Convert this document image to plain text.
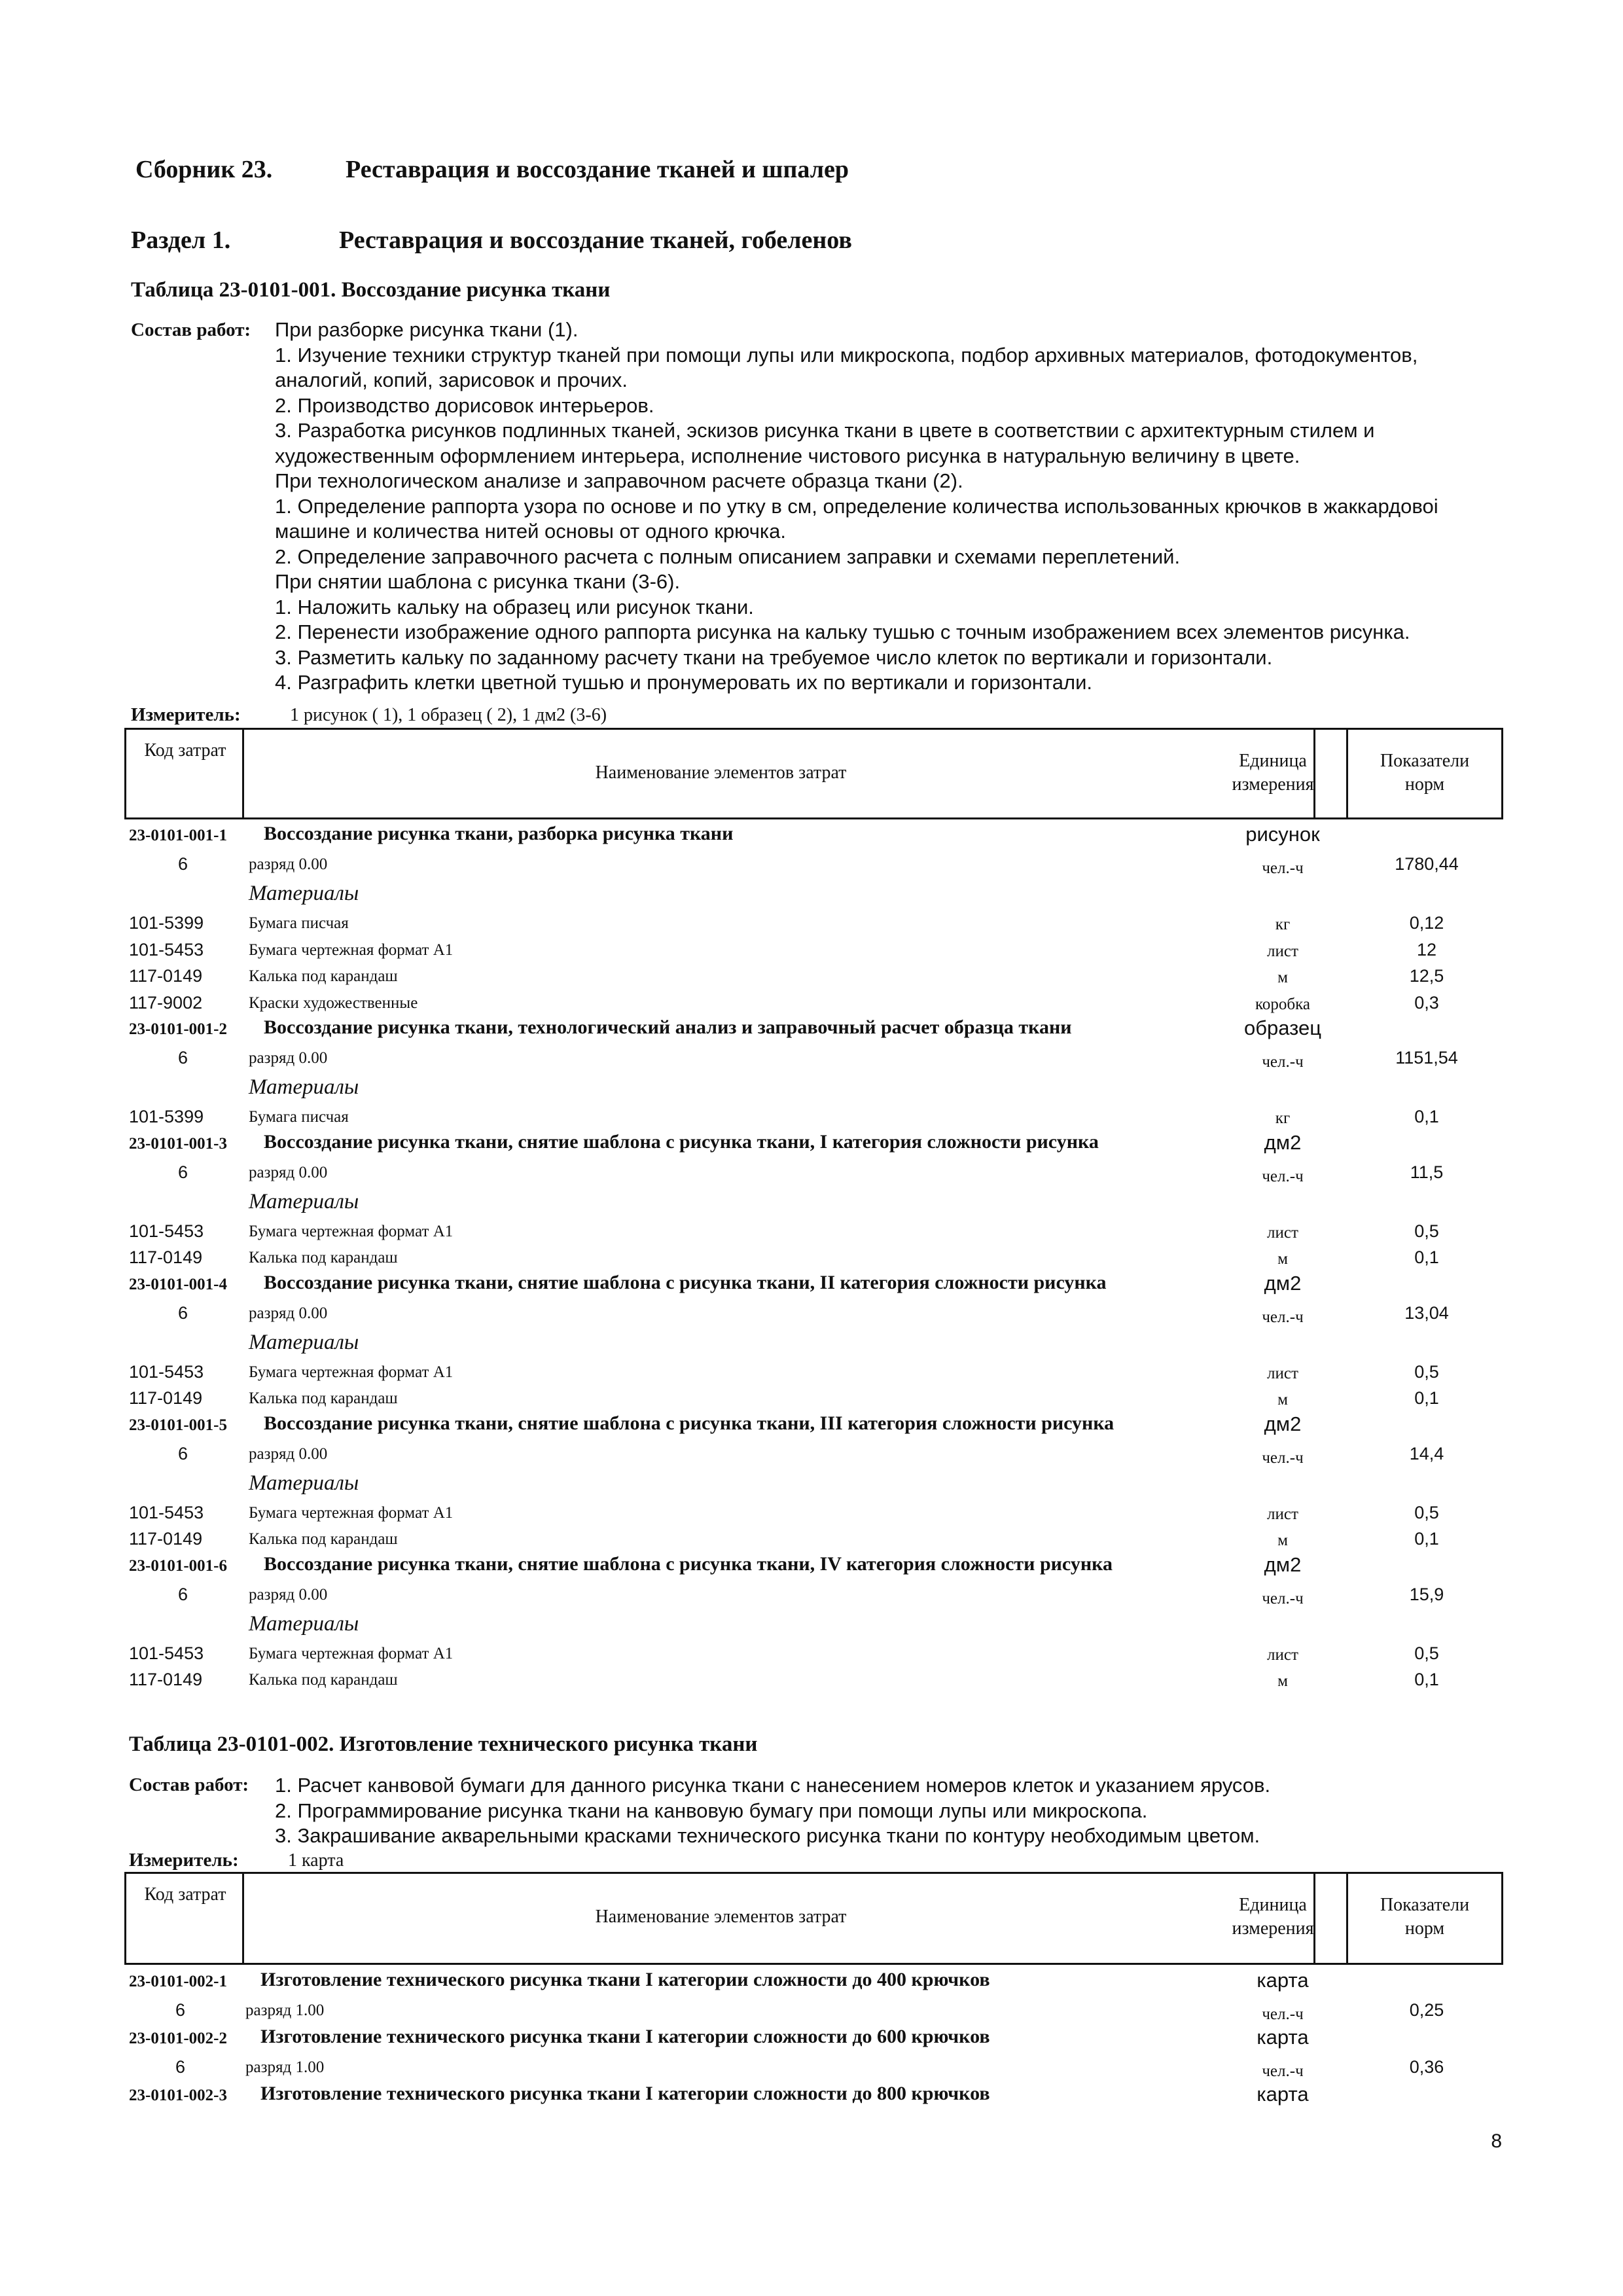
Сборник 23.	Реставрация и воссоздание тканей и шпалер
Раздел 1.	Реставрация и воссоздание тканей, гобеленов
Таблица 23-0101-001. Воссоздание рисунка ткани
Состав работ: При разборке рисунка ткани (1).
1. Изучение техники структур тканей при помощи лупы или микроскопа, подбор архивных материалов, фотодокументов,
аналогий, копий, зарисовок и прочих.
2. Производство дорисовок интерьеров.
3. Разработка рисунков подлинных тканей, эскизов рисунка ткани в цвете в соответствии с архитектурным стилем и
художественным оформлением интерьера, исполнение чистового рисунка в натуральную величину в цвете.
При технологическом анализе и заправочном расчете образца ткани (2).
1. Определение раппорта узора по основе и по утку в см, определение количества использованных крючков в жаккардовоі
машине и количества нитей основы от одного крючка.
2. Определение заправочного расчета с полным описанием заправки и схемами переплетений.
При снятии шаблона с рисунка ткани (3-6).
1. Наложить кальку на образец или рисунок ткани.
2. Перенести изображение одного раппорта рисунка на кальку тушью с точным изображением всех элементов рисунка.
3. Разметить кальку по заданному расчету ткани на требуемое число клеток по вертикали и горизонтали.
4. Разграфить клетки цветной тушью и пронумеровать их по вертикали и горизонтали.
Измеритель:	1 рисунок ( 1), 1 образец ( 2), 1 дм2 (3-6)
Код затрат
Наименование элементов затрат
Единица
измерения
Показатели
норм
23-0101-001-1 Воссоздание рисунка ткани, разборка рисунка ткани	рисунок
6	разряд 0.00	чел.-ч	1780,44
Материалы
101-5399	Бумага писчая	кг	0,12
101-5453	Бумага чертежная формат А1	лист	12
117-0149	Калька под карандаш	м	12,5
117-9002	Краски художественные	коробка	0,3
23-0101-001-2 Воссоздание рисунка ткани, технологический анализ и заправочный расчет образца ткани	образец
6	разряд 0.00	чел.-ч	1151,54
Материалы
101-5399	Бумага писчая	кг	0,1
23-0101-001-3 Воссоздание рисунка ткани, снятие шаблона с рисунка ткани, I категория сложности рисунка	дм2
6	разряд 0.00	чел.-ч	11,5
Материалы
101-5453	Бумага чертежная формат А1	лист	0,5
117-0149	Калька под карандаш	м	0,1
23-0101-001-4 Воссоздание рисунка ткани, снятие шаблона с рисунка ткани, II категория сложности рисунка	дм2
6	разряд 0.00	чел.-ч	13,04
Материалы
101-5453	Бумага чертежная формат А1	лист	0,5
117-0149	Калька под карандаш	м	0,1
23-0101-001-5 Воссоздание рисунка ткани, снятие шаблона с рисунка ткани, III категория сложности рисунка	дм2
6	разряд 0.00	чел.-ч	14,4
Материалы
101-5453	Бумага чертежная формат А1	лист	0,5
117-0149	Калька под карандаш	м	0,1
23-0101-001-6 Воссоздание рисунка ткани, снятие шаблона с рисунка ткани, IV категория сложности рисунка	дм2
6	разряд 0.00	чел.-ч	15,9
Материалы
101-5453	Бумага чертежная формат А1	лист	0,5
117-0149	Калька под карандаш	м	0,1
Таблица 23-0101-002. Изготовление технического рисунка ткани
Состав работ: 1. Расчет канвовой бумаги для данного рисунка ткани с нанесением номеров клеток и указанием ярусов.
2. Программирование рисунка ткани на канвовую бумагу при помощи лупы или микроскопа.
3. Закрашивание акварельными красками технического рисунка ткани по контуру необходимым цветом.
Измеритель:	1 карта
Код затрат
Наименование элементов затрат
Единица
измерения
Показатели
норм
23-0101-002-1 Изготовление технического рисунка ткани I категории сложности до 400 крючков	карта
6	разряд 1.00	чел.-ч	0,25
23-0101-002-2 Изготовление технического рисунка ткани I категории сложности до 600 крючков	карта
6	разряд 1.00	чел.-ч	0,36
23-0101-002-3 Изготовление технического рисунка ткани I категории сложности до 800 крючков	карта
8
